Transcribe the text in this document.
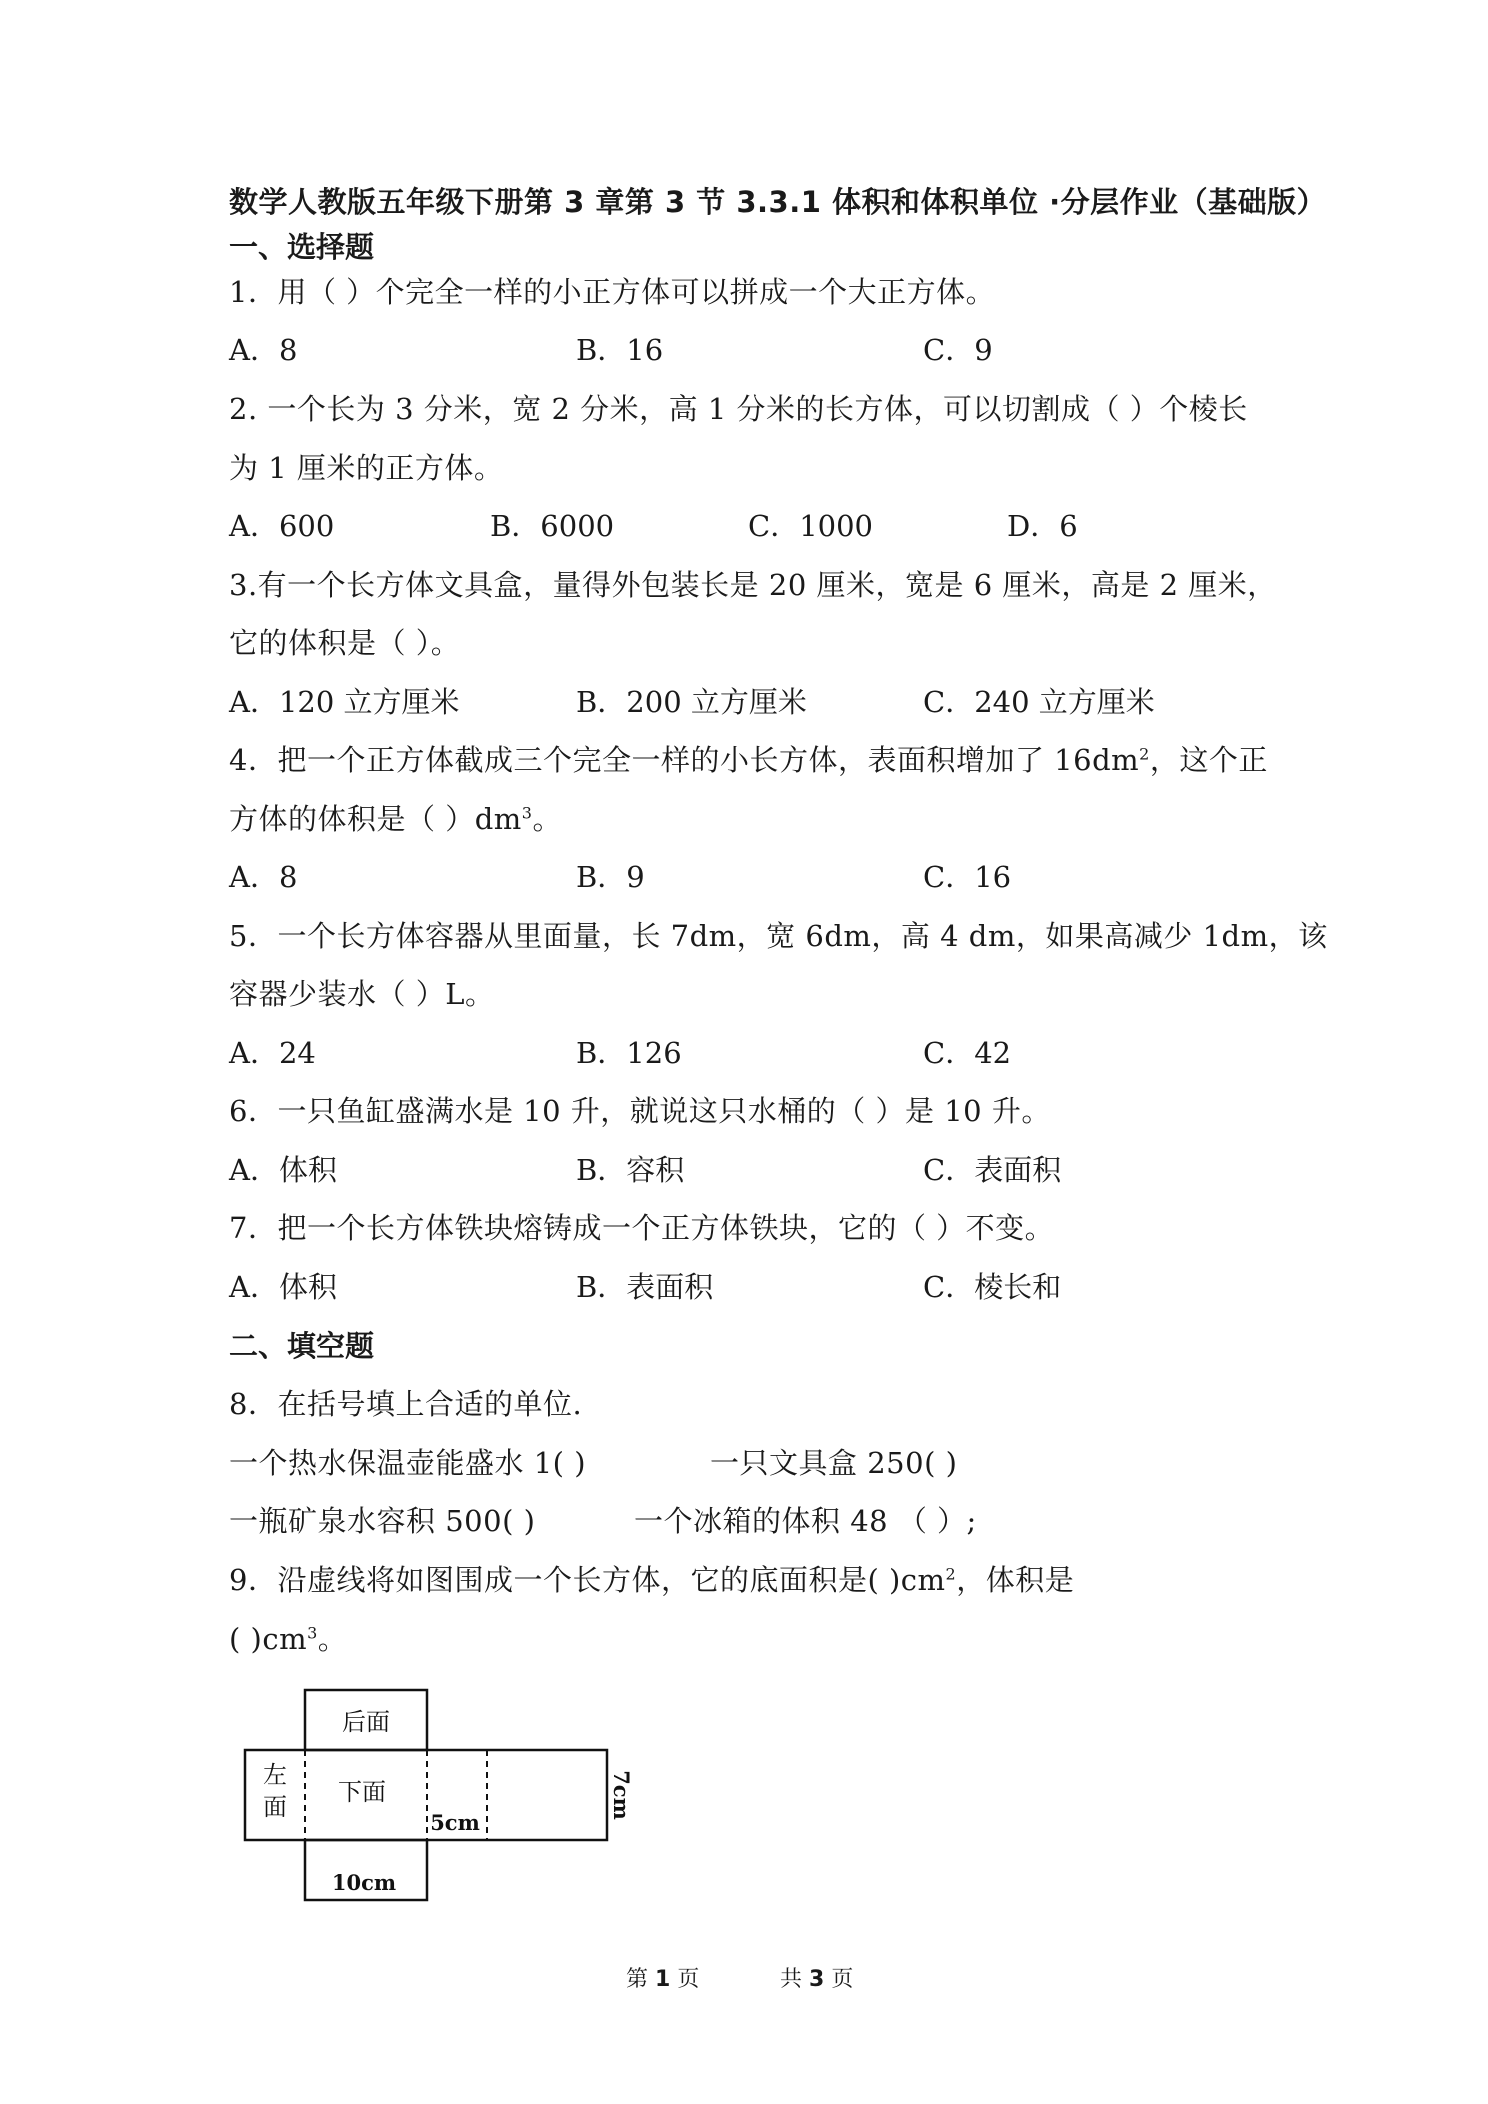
数学人教版五年级下册第 3 章第 3 节 3.3.1 体积和体积单位 ·分层作业（基础版）
一、选择题
1．用（ ）个完全一样的小正方体可以拼成一个大正方体。
A．8	B．16	C．9
2. 一个长为 3 分米，宽 2 分米，高 1 分米的长方体，可以切割成（ ）个棱长
为 1 厘米的正方体。
A．600	B．6000	C．1000	D．6
3.有一个长方体文具盒，量得外包装长是 20 厘米，宽是 6 厘米，高是 2 厘米，
它的体积是（ ）。
A．120 立方厘米	B．200 立方厘米	C．240 立方厘米
4．把一个正方体截成三个完全一样的小长方体，表面积增加了 $16dm^2$，这个正
方体的体积是（ ）$dm^3$。
A．8	B．9	C．16
5．一个长方体容器从里面量，长 7dm，宽 6dm，高 4 dm，如果高减少 1dm，该
容器少装水（ ）L。
A．24	B．126	C．42
6．一只鱼缸盛满水是 10 升，就说这只水桶的（ ）是 10 升。
A．体积	B．容积	C．表面积
7．把一个长方体铁块熔铸成一个正方体铁块，它的（ ）不变。
A．体积	B．表面积	C．棱长和
二、填空题
8．在括号填上合适的单位.
一个热水保温壶能盛水 1( )	一只文具盒 250( )
一瓶矿泉水容积 500( )	一个冰箱的体积 48 （ ）;
9．沿虚线将如图围成一个长方体，它的底面积是( )$cm^2$，体积是
( )$cm^3$。
后面
左
面
下面
5cm
10cm
7cm
第 1 页	共 3 页
